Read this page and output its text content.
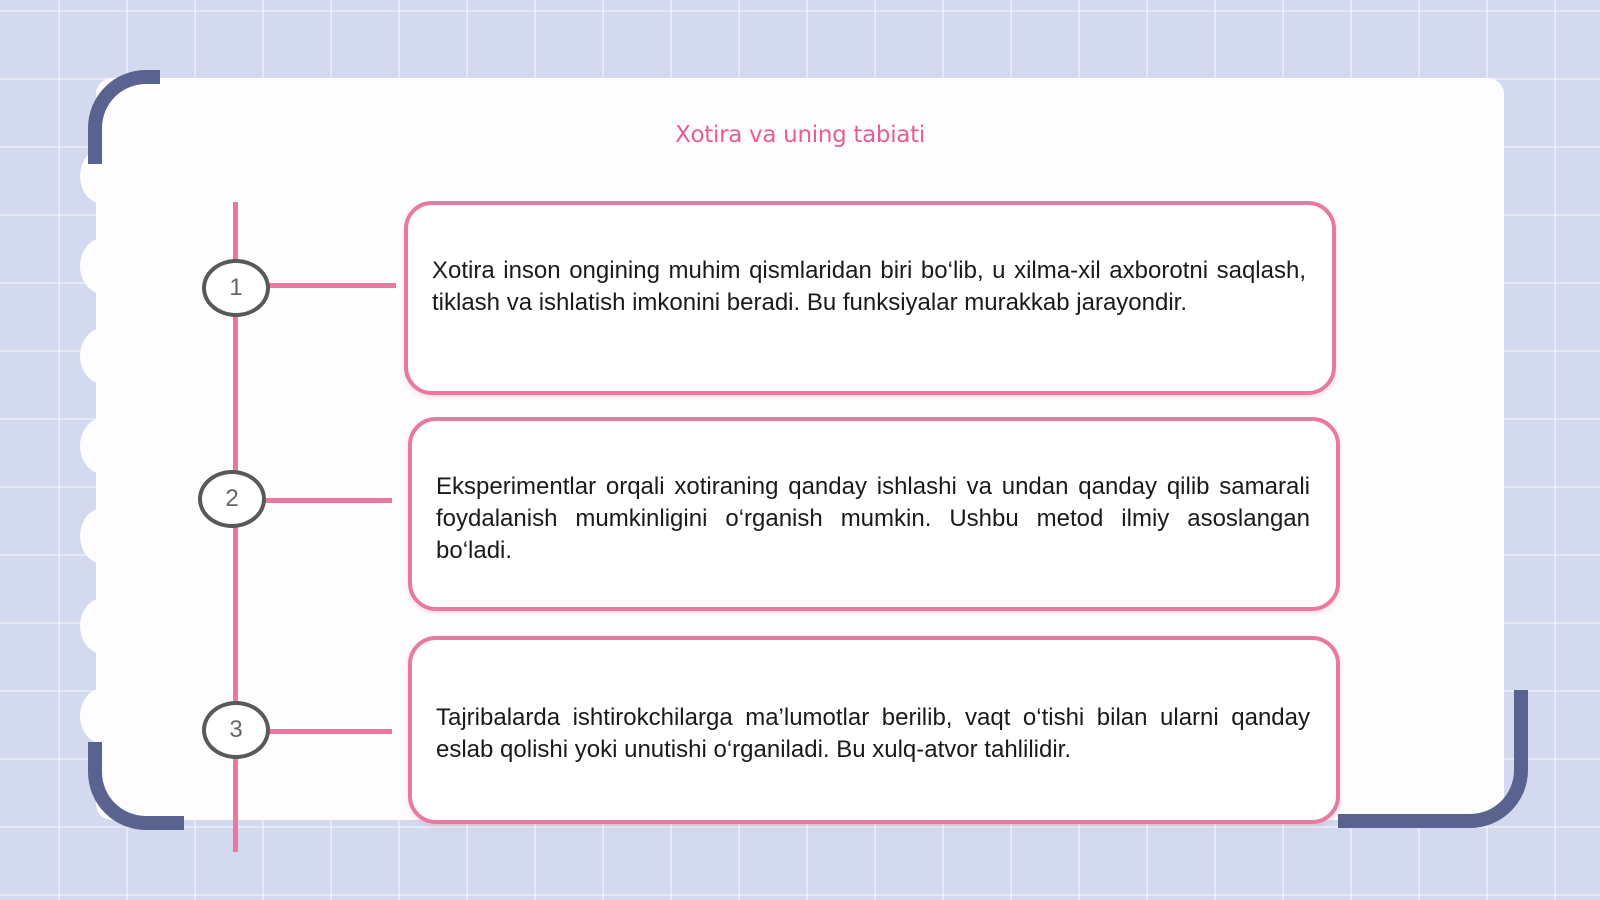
Xotira va uning tabiati
1

Xotira inson ongining muhim qismlaridan biri bo‘lib, u xilma-xil axborotni saqlash, tiklash va ishlatish imkonini beradi. Bu funksiyalar murakkab jarayondir.

2	Eksperimentlar orqali xotiraning qanday ishlashi va undan qanday qilib samarali foydalanish mumkinligini o‘rganish mumkin. Ushbu metod ilmiy asoslangan bo‘ladi.

3	Tajribalarda ishtirokchilarga ma’lumotlar berilib, vaqt o‘tishi bilan ularni qanday eslab qolishi yoki unutishi o‘rganiladi. Bu xulq-atvor tahlilidir.
